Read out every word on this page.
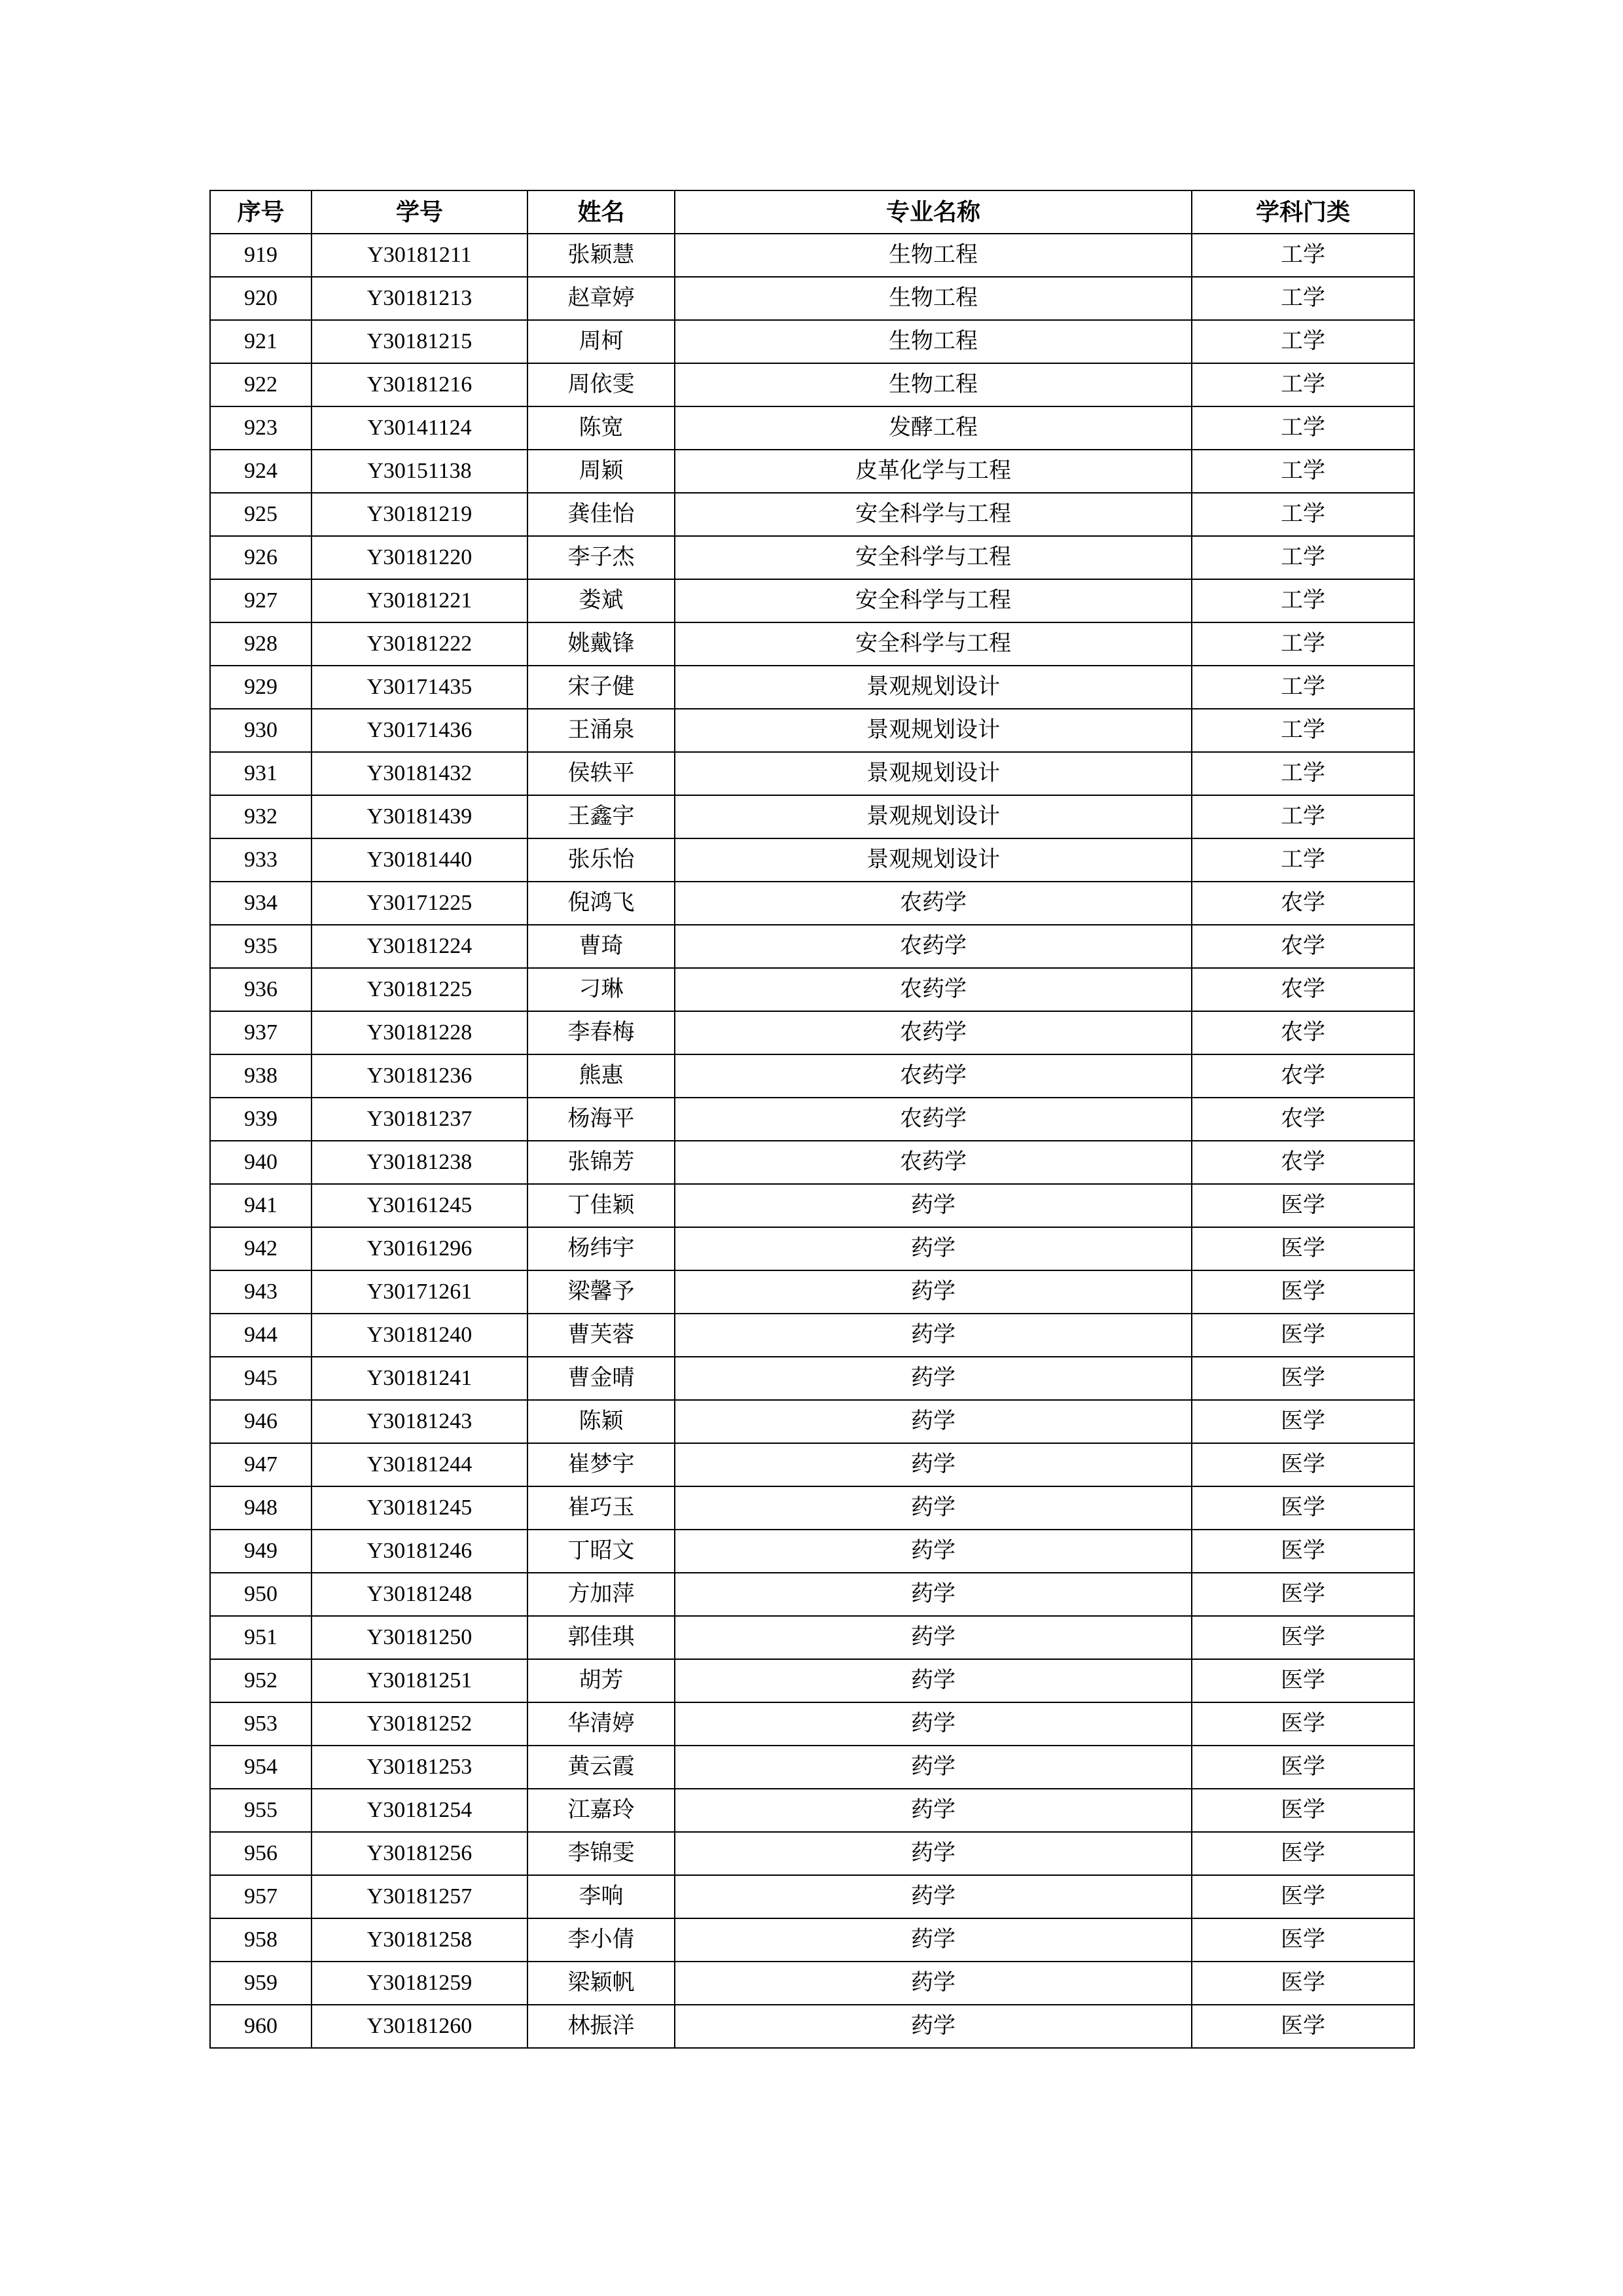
序号	学号	姓名	专业名称	学科门类
919	Y30181211	张颖慧	生物工程	工学
920	Y30181213	赵章婷	生物工程	工学
921	Y30181215	周柯	生物工程	工学
922	Y30181216	周依雯	生物工程	工学
923	Y30141124	陈宽	发酵工程	工学
924	Y30151138	周颖	皮革化学与工程	工学
925	Y30181219	龚佳怡	安全科学与工程	工学
926	Y30181220	李子杰	安全科学与工程	工学
927	Y30181221	娄斌	安全科学与工程	工学
928	Y30181222	姚戴锋	安全科学与工程	工学
929	Y30171435	宋子健	景观规划设计	工学
930	Y30171436	王涌泉	景观规划设计	工学
931	Y30181432	侯轶平	景观规划设计	工学
932	Y30181439	王鑫宇	景观规划设计	工学
933	Y30181440	张乐怡	景观规划设计	工学
934	Y30171225	倪鸿飞	农药学	农学
935	Y30181224	曹琦	农药学	农学
936	Y30181225	刁琳	农药学	农学
937	Y30181228	李春梅	农药学	农学
938	Y30181236	熊惠	农药学	农学
939	Y30181237	杨海平	农药学	农学
940	Y30181238	张锦芳	农药学	农学
941	Y30161245	丁佳颖	药学	医学
942	Y30161296	杨纬宇	药学	医学
943	Y30171261	梁馨予	药学	医学
944	Y30181240	曹芙蓉	药学	医学
945	Y30181241	曹金晴	药学	医学
946	Y30181243	陈颖	药学	医学
947	Y30181244	崔梦宇	药学	医学
948	Y30181245	崔巧玉	药学	医学
949	Y30181246	丁昭文	药学	医学
950	Y30181248	方加萍	药学	医学
951	Y30181250	郭佳琪	药学	医学
952	Y30181251	胡芳	药学	医学
953	Y30181252	华清婷	药学	医学
954	Y30181253	黄云霞	药学	医学
955	Y30181254	江嘉玲	药学	医学
956	Y30181256	李锦雯	药学	医学
957	Y30181257	李响	药学	医学
958	Y30181258	李小倩	药学	医学
959	Y30181259	梁颖帆	药学	医学
960	Y30181260	林振洋	药学	医学
